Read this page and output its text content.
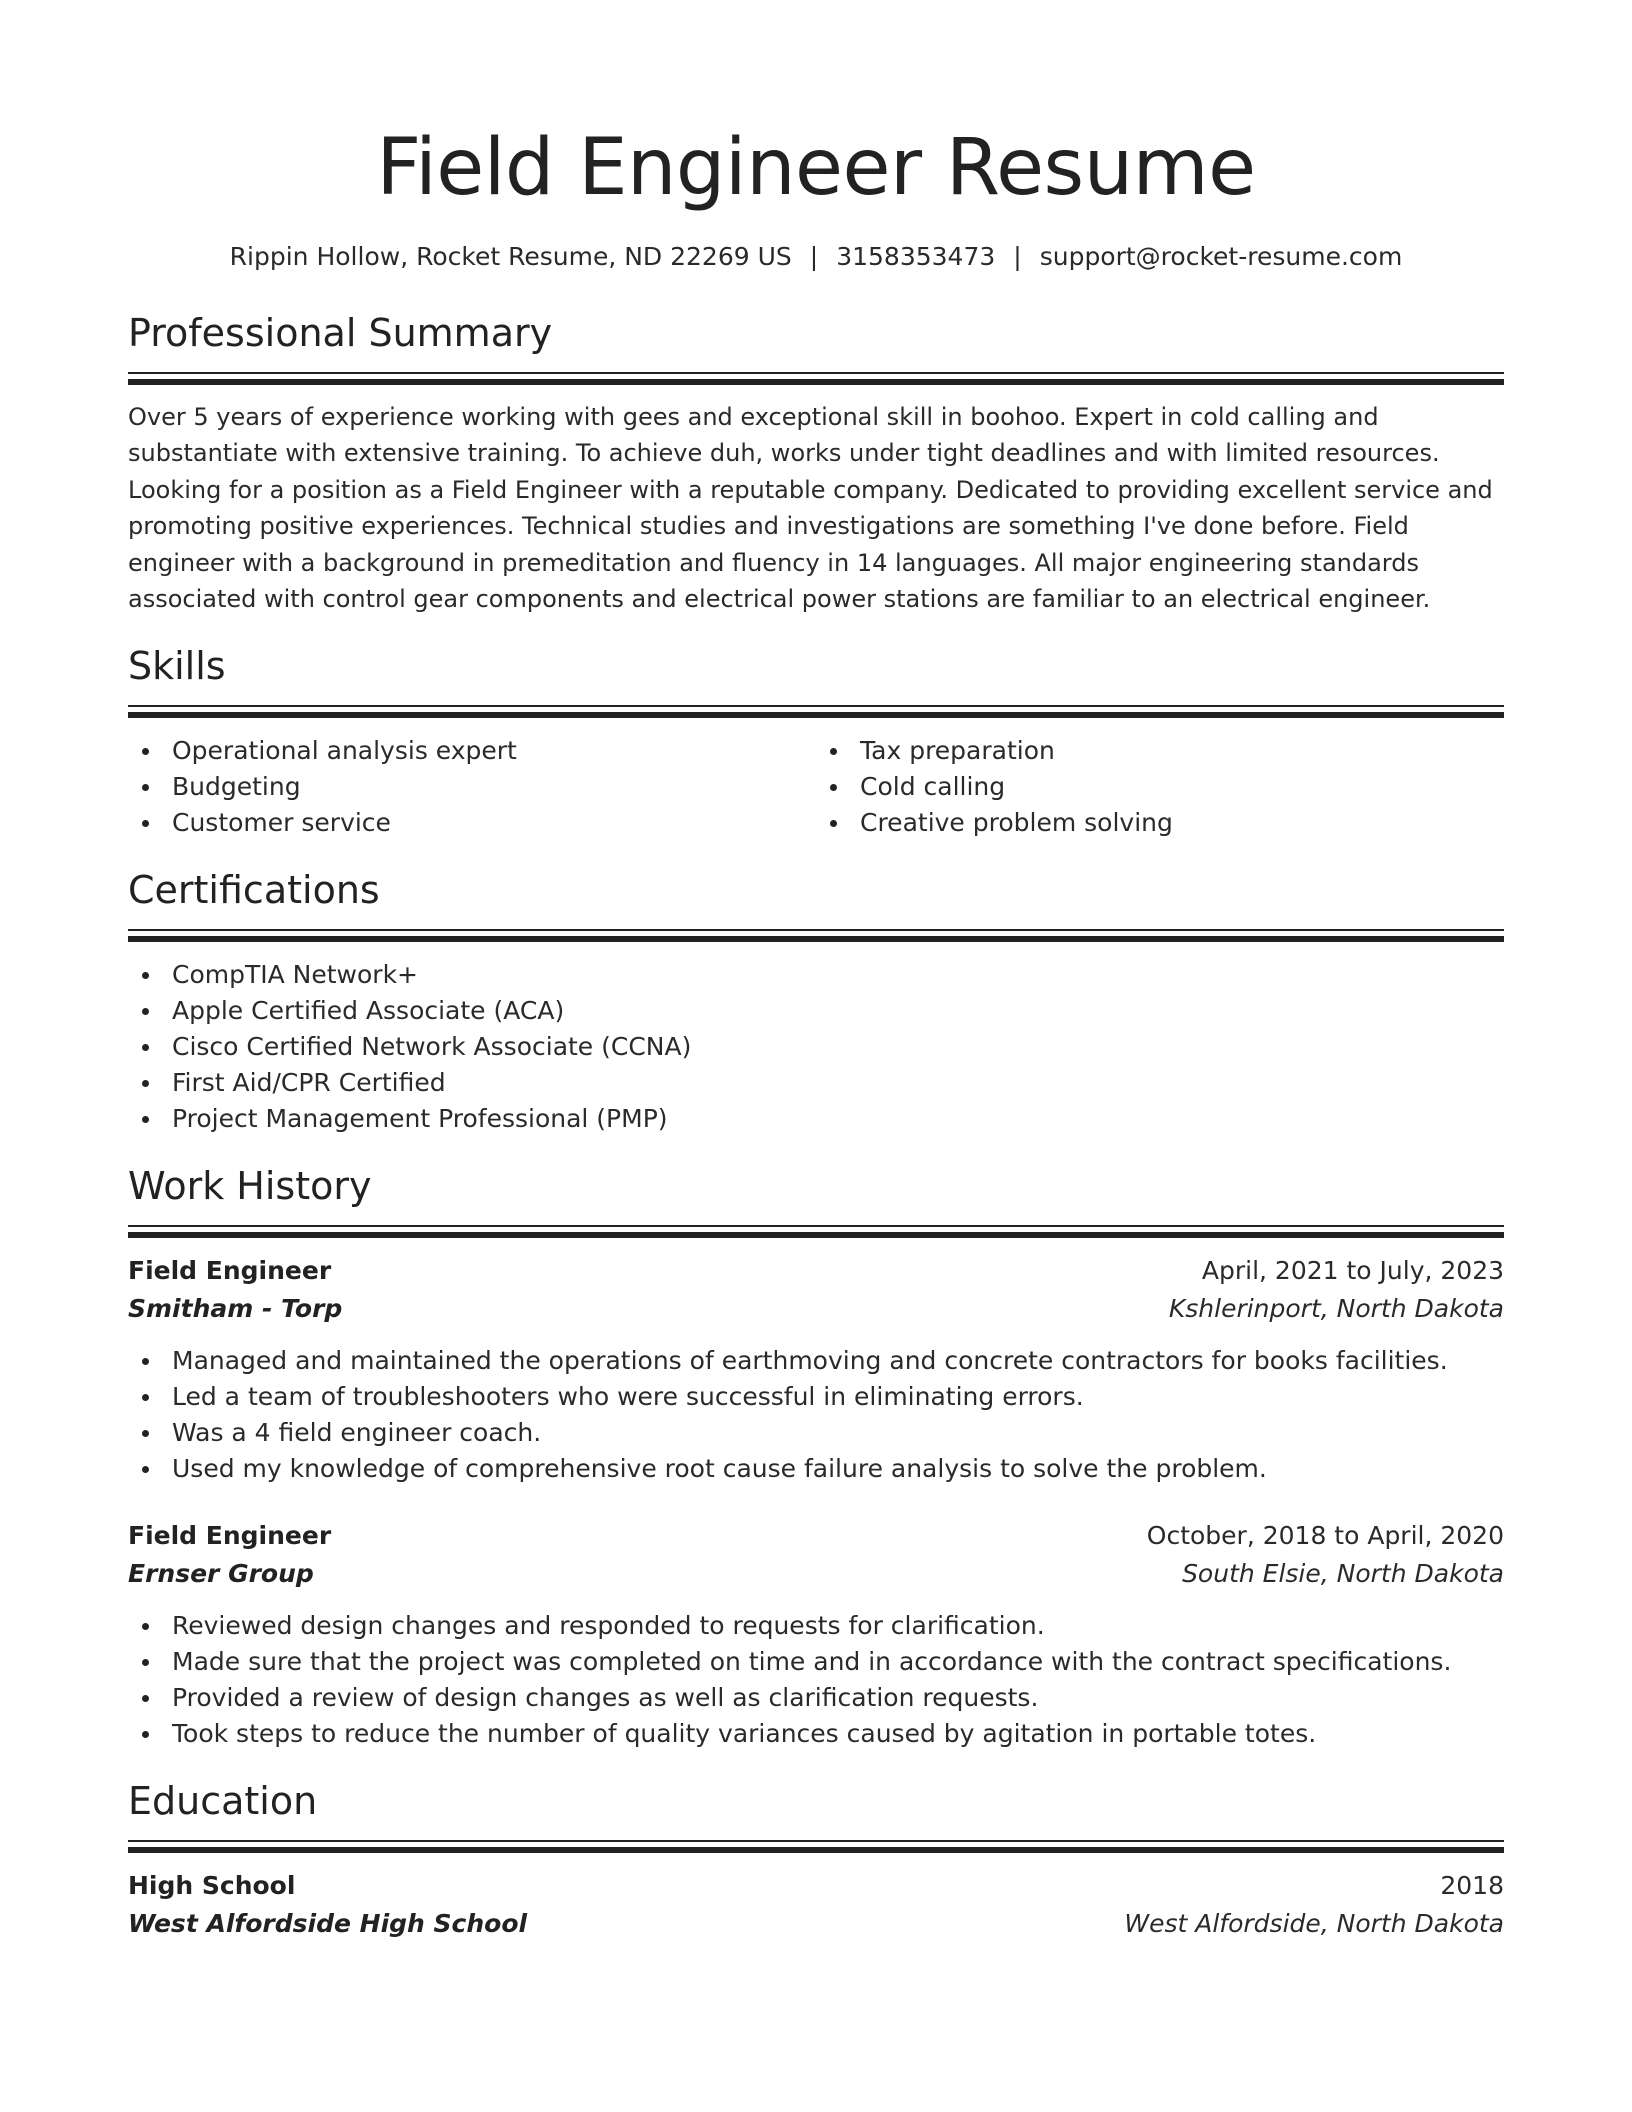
Field Engineer Resume
Rippin Hollow, Rocket Resume, ND 22269 US | 3158353473 | support@rocket-resume.com
Professional Summary

Over 5 years of experience working with gees and exceptional skill in boohoo. Expert in cold calling and substantiate with extensive training. To achieve duh, works under tight deadlines and with limited resources. Looking for a position as a Field Engineer with a reputable company. Dedicated to providing excellent service and promoting positive experiences. Technical studies and investigations are something I've done before. Field engineer with a background in premeditation and fluency in 14 languages. All major engineering standards associated with control gear components and electrical power stations are familiar to an electrical engineer.

Skills
Operational analysis expert
Budgeting
Customer service
Tax preparation
Cold calling
Creative problem solving
Certifications
CompTIA Network+
Apple Certified Associate (ACA)
Cisco Certified Network Associate (CCNA)
First Aid/CPR Certified
Project Management Professional (PMP)
Work History
Field Engineer	April, 2021 to July, 2023
Smitham - Torp	Kshlerinport, North Dakota
Managed and maintained the operations of earthmoving and concrete contractors for books facilities.
Led a team of troubleshooters who were successful in eliminating errors.
Was a 4 field engineer coach.
Used my knowledge of comprehensive root cause failure analysis to solve the problem.
Field Engineer	October, 2018 to April, 2020
Ernser Group	South Elsie, North Dakota
Reviewed design changes and responded to requests for clarification.
Made sure that the project was completed on time and in accordance with the contract specifications.
Provided a review of design changes as well as clarification requests.
Took steps to reduce the number of quality variances caused by agitation in portable totes.
Education
High School	2018
West Alfordside High School	West Alfordside, North Dakota
